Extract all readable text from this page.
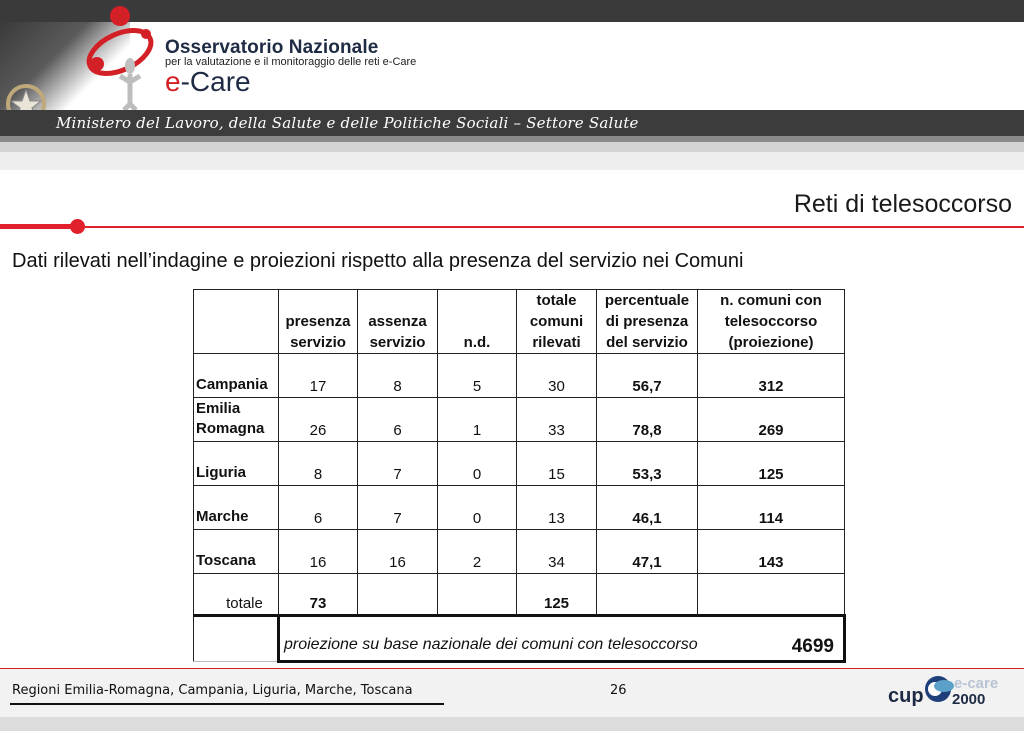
Osservatorio Nazionale
per la valutazione e il monitoraggio delle reti e-Care
e-Care
Ministero del Lavoro, della Salute e delle Politiche Sociali – Settore Salute
Reti di telesoccorso
Dati rilevati nell’indagine e proiezioni rispetto alla presenza del servizio nei Comuni
	presenza servizio	assenza servizio	n.d.	totale comuni rilevati	percentuale di presenza del servizio	n. comuni con telesoccorso (proiezione)
Campania	17	8	5	30	56,7	312
Emilia Romagna	26	6	1	33	78,8	269
Liguria	8	7	0	15	53,3	125
Marche	6	7	0	13	46,1	114
Toscana	16	16	2	34	47,1	143
totale	73			125		
	proiezione su base nazionale dei comuni con telesoccorso 4699					
Regioni Emilia-Romagna, Campania, Liguria, Marche, Toscana	26	cup
e-care
2000
